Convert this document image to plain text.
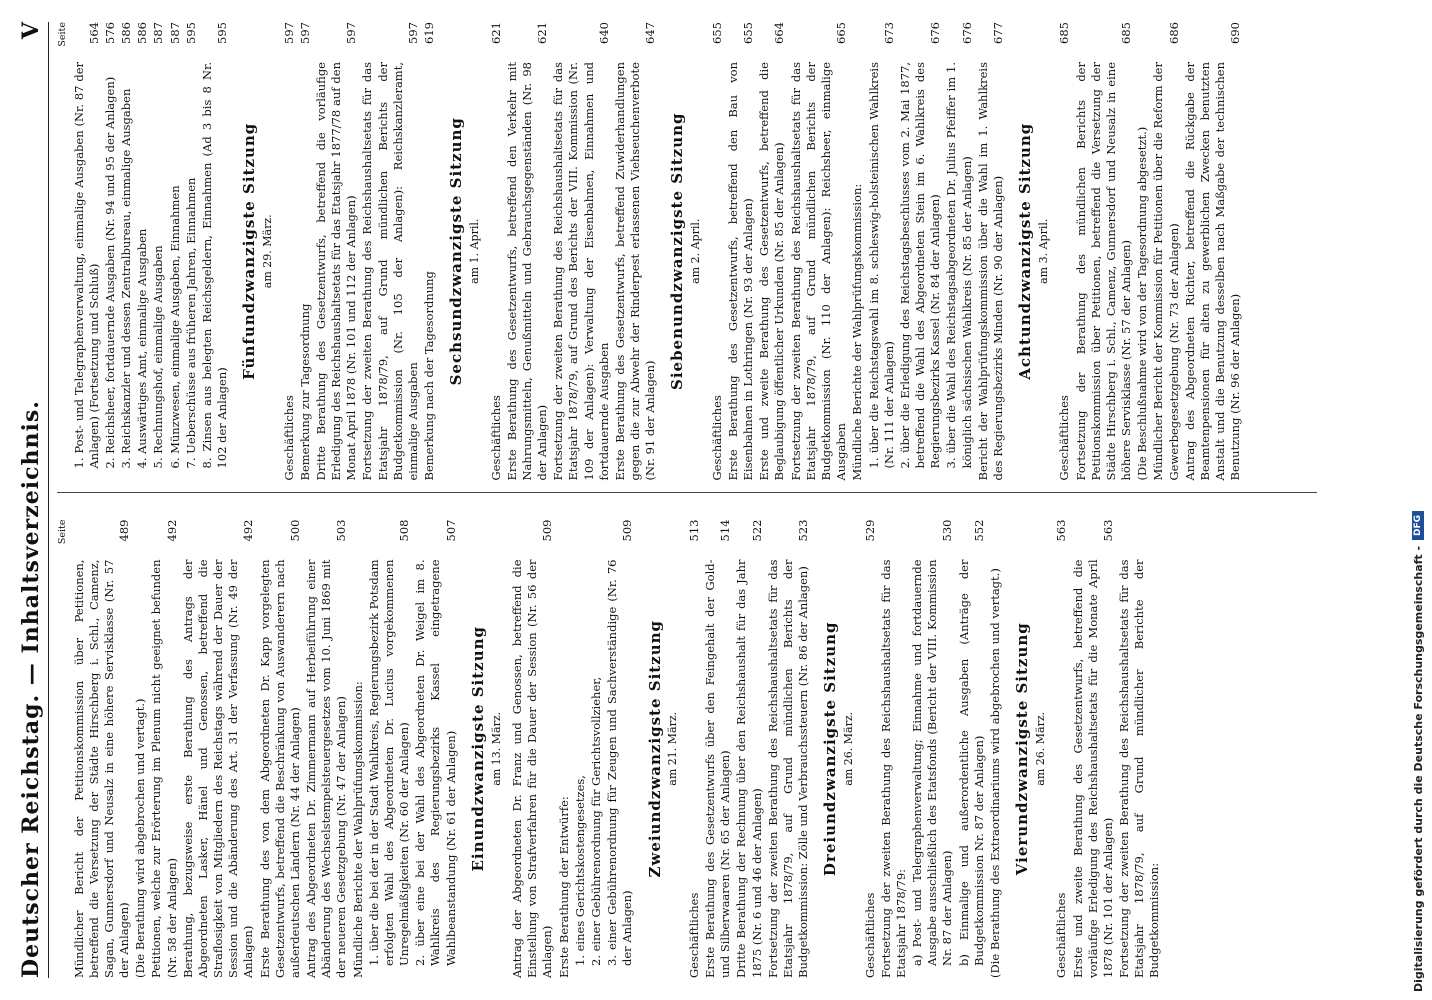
Deutscher Reichstag. — Inhaltsverzeichnis.
V
Seite
Mündlicher Bericht der Petitionskommission über Petitionen, betreffend die Versetzung der Städte Hirschberg i. Schl., Camenz, Sagan, Gunnersdorf und Neusalz in eine höhere Servisklasse (Nr. 57 der Anlagen)
489
(Die Berathung wird abgebrochen und vertagt.) Petitionen, welche zur Erörterung im Plenum nicht geeignet befunden (Nr. 58 der Anlagen)
492
Berathung, bezugsweise erste Berathung des Antrags der Abgeordneten Lasker, Hänel und Genossen, betreffend die Straflosigkeit von Mitgliedern des Reichstags während der Dauer der Session und die Abänderung des Art. 31 der Verfassung (Nr. 49 der Anlagen)
492
Erste Berathung des von dem Abgeordneten Dr. Kapp vorgelegten Gesetzentwurfs, betreffend die Beschränkung von Auswanderern nach außerdeutschen Ländern (Nr. 44 der Anlagen)
500
Antrag des Abgeordneten Dr. Zimmermann auf Herbeiführung einer Abänderung des Wechselstempelsteuergesetzes vom 10. Juni 1869 mit der neueren Gesetzgebung (Nr. 47 der Anlagen)
503
Mündliche Berichte der Wahlprüfungskommission: 1. über die bei der in der Stadt Wahlkreis, Regierungsbezirk Potsdam erfolgten Wahl des Abgeordneten Dr. Lucius vorgekommenen Unregelmäßigkeiten (Nr. 60 der Anlagen)
508
2. über eine bei der Wahl des Abgeordneten Dr. Weigel im 8. Wahlkreis des Regierungsbezirks Kassel eingetragene Wahlbeanstandung (Nr. 61 der Anlagen)
507
Einundzwanzigste Sitzung am 13. März. Antrag der Abgeordneten Dr. Franz und Genossen, betreffend die Einstellung von Strafverfahren für die Dauer der Session (Nr. 56 der Anlagen)
509
Erste Berathung der Entwürfe: 1. eines Gerichtskostengesetzes, 2. einer Gebührenordnung für Gerichtsvollzieher, 3. einer Gebührenordnung für Zeugen und Sachverständige (Nr. 76 der Anlagen)
509
Zweiundzwanzigste Sitzung am 21. März.
Geschäftliches
513
Erste Berathung des Gesetzentwurfs über den Feingehalt der Gold- und Silberwaaren (Nr. 65 der Anlagen)
514
Dritte Berathung der Rechnung über den Reichshaushalt für das Jahr 1875 (Nr. 6 und 46 der Anlagen)
522
Fortsetzung der zweiten Berathung des Reichshaushaltsetats für das Etatsjahr 1878/79, auf Grund mündlichen Berichts der Budgetkommission: Zölle und Verbrauchssteuern (Nr. 86 der Anlagen)
523
Dreiundzwanzigste Sitzung am 26. März.
Geschäftliches
529
Fortsetzung der zweiten Berathung des Reichshaushaltsetats für das Etatsjahr 1878/79: a) Post- und Telegraphenverwaltung; Einnahme und fortdauernde Ausgabe ausschließlich des Etatsfonds (Bericht der VIII. Kommission Nr. 87 der Anlagen)
530
b) Einmalige und außerordentliche Ausgaben (Anträge der Budgetkommission Nr. 87 der Anlagen)
552
(Die Berathung des Extraordinariums wird abgebrochen und vertagt.) Vierundzwanzigste Sitzung am 26. März.
Geschäftliches
563
Erste und zweite Berathung des Gesetzentwurfs, betreffend die vorläufige Erledigung des Reichshaushaltsetats für die Monate April 1878 (Nr. 101 der Anlagen)
563
Fortsetzung der zweiten Berathung des Reichshaushaltsetats für das Etatsjahr 1878/79, auf Grund mündlicher Berichte der Budgetkommission:
Seite
1. Post- und Telegraphenverwaltung, einmalige Ausgaben (Nr. 87 der Anlagen) (Fortsetzung und Schluß)
564
2. Reichsheer, fortdauernde Ausgaben (Nr. 94 und 95 der Anlagen)
576
3. Reichskanzler und dessen Zentralbureau, einmalige Ausgaben
586
4. Auswärtiges Amt, einmalige Ausgaben
586
5. Rechnungshof, einmalige Ausgaben
587
6. Münzwesen, einmalige Ausgaben, Einnahmen
587
7. Ueberschüsse aus früheren Jahren, Einnahmen
595
8. Zinsen aus belegten Reichsgeldern, Einnahmen (Ad 3 bis 8 Nr. 102 der Anlagen)
595
Fünfundzwanzigste Sitzung am 29. März.
Geschäftliches
597
Bemerkung zur Tagesordnung
597
Dritte Berathung des Gesetzentwurfs, betreffend die vorläufige Erledigung des Reichshaushaltsetats für das Etatsjahr 1877/78 auf den Monat April 1878 (Nr. 101 und 112 der Anlagen)
597
Fortsetzung der zweiten Berathung des Reichshaushaltsetats für das Etatsjahr 1878/79, auf Grund mündlichen Berichts der Budgetkommission (Nr. 105 der Anlagen): Reichskanzleramt, einmalige Ausgaben
597
Bemerkung nach der Tagesordnung
619
Sechsundzwanzigste Sitzung am 1. April.
Geschäftliches
621
Erste Berathung des Gesetzentwurfs, betreffend den Verkehr mit Nahrungsmitteln, Genußmitteln und Gebrauchsgegenständen (Nr. 98 der Anlagen)
621
Fortsetzung der zweiten Berathung des Reichshaushaltsetats für das Etatsjahr 1878/79, auf Grund des Berichts der VIII. Kommission (Nr. 109 der Anlagen): Verwaltung der Eisenbahnen, Einnahmen und fortdauernde Ausgaben
640
Erste Berathung des Gesetzentwurfs, betreffend Zuwiderhandlungen gegen die zur Abwehr der Rinderpest erlassenen Viehseuchenverbote (Nr. 91 der Anlagen)
647
Siebenundzwanzigste Sitzung am 2. April.
Geschäftliches
655
Erste Berathung des Gesetzentwurfs, betreffend den Bau von Eisenbahnen in Lothringen (Nr. 93 der Anlagen)
655
Erste und zweite Berathung des Gesetzentwurfs, betreffend die Beglaubigung öffentlicher Urkunden (Nr. 85 der Anlagen)
664
Fortsetzung der zweiten Berathung des Reichshaushaltsetats für das Etatsjahr 1878/79, auf Grund mündlichen Berichts der Budgetkommission (Nr. 110 der Anlagen): Reichsheer, einmalige Ausgaben
665
Mündliche Berichte der Wahlprüfungskommission: 1. über die Reichstagswahl im 8. schleswig-holsteinischen Wahlkreis (Nr. 111 der Anlagen)
673
2. über die Erledigung des Reichstagsbeschlusses vom 2. Mai 1877, betreffend die Wahl des Abgeordneten Stein im 6. Wahlkreis des Regierungsbezirks Kassel (Nr. 84 der Anlagen)
676
3. über die Wahl des Reichstagsabgeordneten Dr. Julius Pfeiffer im 1. königlich sächsischen Wahlkreis (Nr. 85 der Anlagen)
676
Bericht der Wahlprüfungskommission über die Wahl im 1. Wahlkreis des Regierungsbezirks Minden (Nr. 90 der Anlagen)
677
Achtundzwanzigste Sitzung am 3. April.
Geschäftliches
685
Fortsetzung der Berathung des mündlichen Berichts der Petitionskommission über Petitionen, betreffend die Versetzung der Städte Hirschberg i. Schl., Camenz, Gunnersdorf und Neusalz in eine höhere Servisklasse (Nr. 57 der Anlagen)
685
(Die Beschlußnahme wird von der Tagesordnung abgesetzt.) Mündlicher Bericht der Kommission für Petitionen über die Reform der Gewerbegesetzgebung (Nr. 73 der Anlagen)
686
Antrag des Abgeordneten Richter, betreffend die Rückgabe der Beamtenpensionen für alten zu gewerblichen Zwecken benutzten Anstalt und die Benutzung desselben nach Maßgabe der technischen Benutzung (Nr. 96 der Anlagen)
690
Digitalisierung gefördert durch die Deutsche Forschungsgemeinschaft -
DFG
